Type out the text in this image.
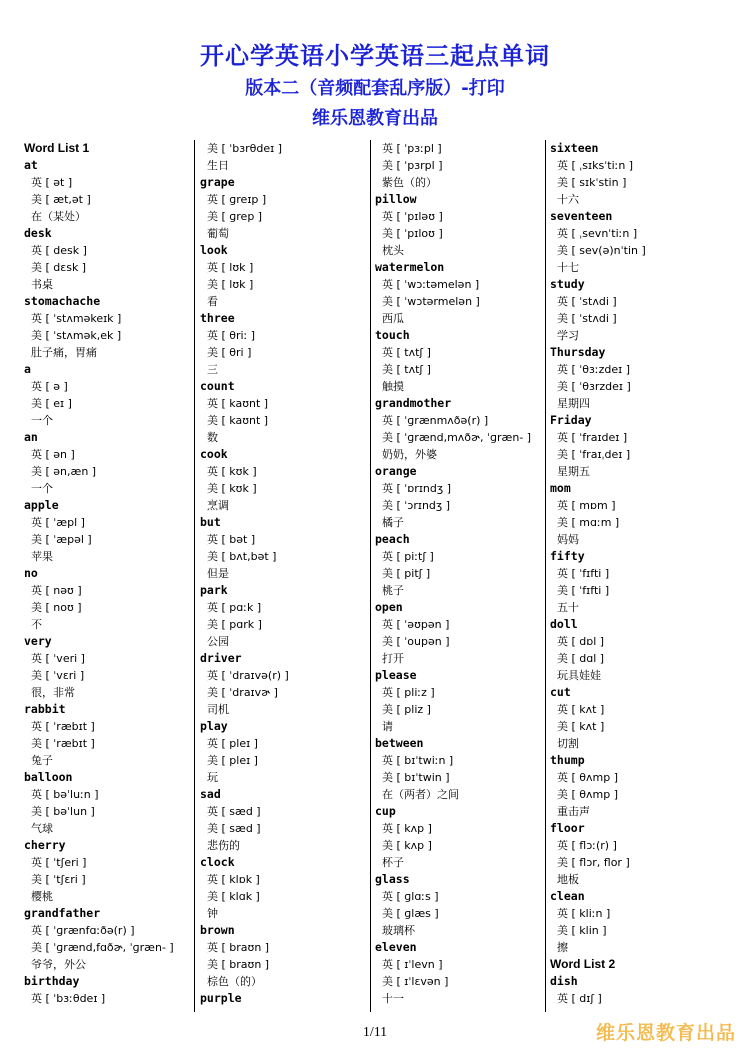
开心学英语小学英语三起点单词
版本二（音频配套乱序版）-打印
维乐恩教育出品
Word List 1
at
英 [ ət ]
美 [ æt,ət ]
在（某处）
desk
英 [ desk ]
美 [ dɛsk ]
书桌
stomachache
英 [ ˈstʌməkeɪk ]
美 [ ˈstʌmək,ek ]
肚子痛，胃痛
a
英 [ ə ]
美 [ eɪ ]
一个
an
英 [ ən ]
美 [ ən,æn ]
一个
apple
英 [ ˈæpl ]
美 [ ˈæpəl ]
苹果
no
英 [ nəʊ ]
美 [ noʊ ]
不
very
英 [ ˈveri ]
美 [ ˈvɛri ]
很，非常
rabbit
英 [ ˈræbɪt ]
美 [ ˈræbɪt ]
兔子
balloon
英 [ bəˈluːn ]
美 [ bəˈlun ]
气球
cherry
英 [ ˈtʃeri ]
美 [ ˈtʃɛri ]
樱桃
grandfather
英 [ ˈɡrænfɑːðə(r) ]
美 [ ˈɡrænd,fɑðɚ, ˈɡræn- ]
爷爷，外公
birthday
英 [ ˈbɜːθdeɪ ]
美 [ ˈbɜrθdeɪ ]
生日
grape
英 [ ɡreɪp ]
美 [ ɡrep ]
葡萄
look
英 [ lʊk ]
美 [ lʊk ]
看
three
英 [ θriː ]
美 [ θri ]
三
count
英 [ kaʊnt ]
美 [ kaʊnt ]
数
cook
英 [ kʊk ]
美 [ kʊk ]
烹调
but
英 [ bət ]
美 [ bʌt,bət ]
但是
park
英 [ pɑːk ]
美 [ pɑrk ]
公园
driver
英 [ ˈdraɪvə(r) ]
美 [ ˈdraɪvɚ ]
司机
play
英 [ pleɪ ]
美 [ pleɪ ]
玩
sad
英 [ sæd ]
美 [ sæd ]
悲伤的
clock
英 [ klɒk ]
美 [ klɑk ]
钟
brown
英 [ braʊn ]
美 [ braʊn ]
棕色（的）
purple
英 [ ˈpɜːpl ]
美 [ ˈpɜrpl ]
紫色（的）
pillow
英 [ ˈpɪləʊ ]
美 [ ˈpɪloʊ ]
枕头
watermelon
英 [ ˈwɔːtəmelən ]
美 [ ˈwɔtərmelən ]
西瓜
touch
英 [ tʌtʃ ]
美 [ tʌtʃ ]
触摸
grandmother
英 [ ˈɡrænmʌðə(r) ]
美 [ ˈɡrænd,mʌðɚ, ˈɡræn- ]
奶奶，外婆
orange
英 [ ˈɒrɪndʒ ]
美 [ ˈɔrɪndʒ ]
橘子
peach
英 [ piːtʃ ]
美 [ pitʃ ]
桃子
open
英 [ ˈəʊpən ]
美 [ ˈoupən ]
打开
please
英 [ pliːz ]
美 [ pliz ]
请
between
英 [ bɪˈtwiːn ]
美 [ bɪˈtwin ]
在（两者）之间
cup
英 [ kʌp ]
美 [ kʌp ]
杯子
glass
英 [ ɡlɑːs ]
美 [ ɡlæs ]
玻璃杯
eleven
英 [ ɪˈlevn ]
美 [ ɪˈlɛvən ]
十一
sixteen
英 [ ˌsɪksˈtiːn ]
美 [ sɪkˈstin ]
十六
seventeen
英 [ ˌsevnˈtiːn ]
美 [ sev(ə)nˈtin ]
十七
study
英 [ ˈstʌdi ]
美 [ ˈstʌdi ]
学习
Thursday
英 [ ˈθɜːzdeɪ ]
美 [ ˈθɜrzdeɪ ]
星期四
Friday
英 [ ˈfraɪdeɪ ]
美 [ ˈfraɪˌdeɪ ]
星期五
mom
英 [ mɒm ]
美 [ mɑːm ]
妈妈
fifty
英 [ ˈfɪfti ]
美 [ ˈfɪfti ]
五十
doll
英 [ dɒl ]
美 [ dɑl ]
玩具娃娃
cut
英 [ kʌt ]
美 [ kʌt ]
切割
thump
英 [ θʌmp ]
美 [ θʌmp ]
重击声
floor
英 [ flɔː(r) ]
美 [ flɔr, flor ]
地板
clean
英 [ kliːn ]
美 [ klin ]
擦
Word List 2
dish
英 [ dɪʃ ]
1/11	维乐恩教育出品
